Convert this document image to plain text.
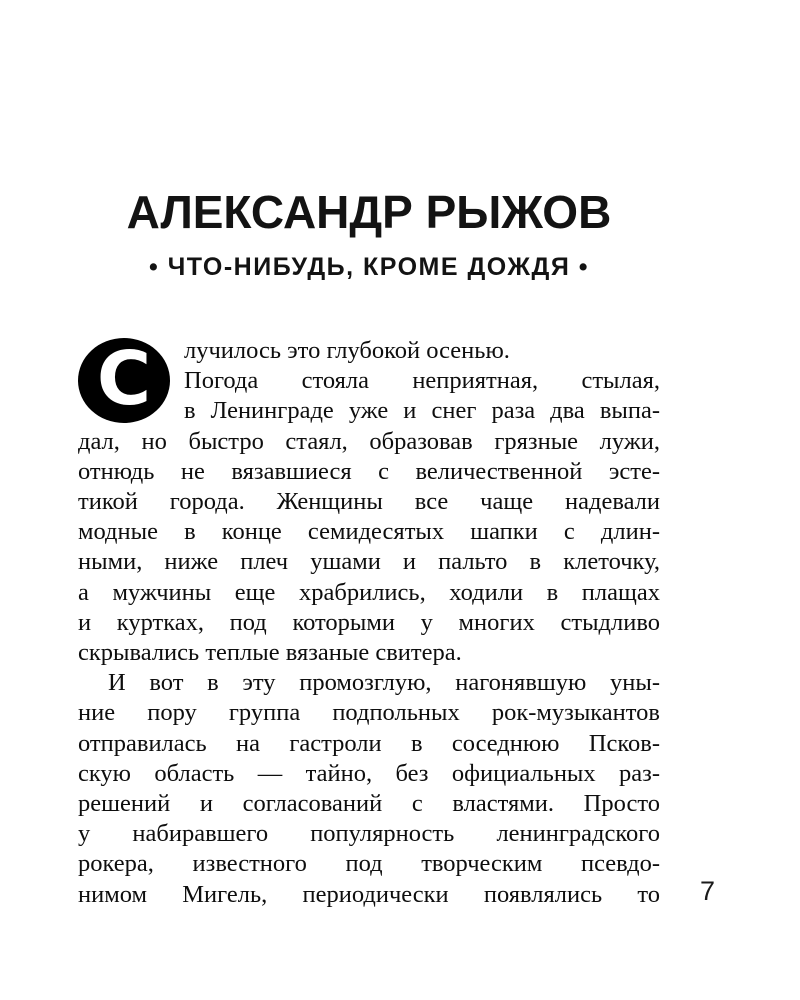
АЛЕКСАНДР РЫЖОВ
• ЧТО-НИБУДЬ, КРОМЕ ДОЖДЯ •
С	лучилось это глубокой осенью.
Погода стояла неприятная, стылая,
в Ленинграде уже и снег раза два выпа-
дал, но быстро стаял, образовав грязные лужи,
отнюдь не вязавшиеся с величественной эсте-
тикой города. Женщины все чаще надевали
модные в конце семидесятых шапки с длин-
ными, ниже плеч ушами и пальто в клеточку,
а мужчины еще храбрились, ходили в плащах
и куртках, под которыми у многих стыдливо
скрывались теплые вязаные свитера.
И вот в эту промозглую, нагонявшую уны-
ние пору группа подпольных рок-музыкантов
отправилась на гастроли в соседнюю Псков-
скую область — тайно, без официальных раз-
решений и согласований с властями. Просто
у набиравшего популярность ленинградского
рокера, известного под творческим псевдо-
нимом Мигель, периодически появлялись то 7
